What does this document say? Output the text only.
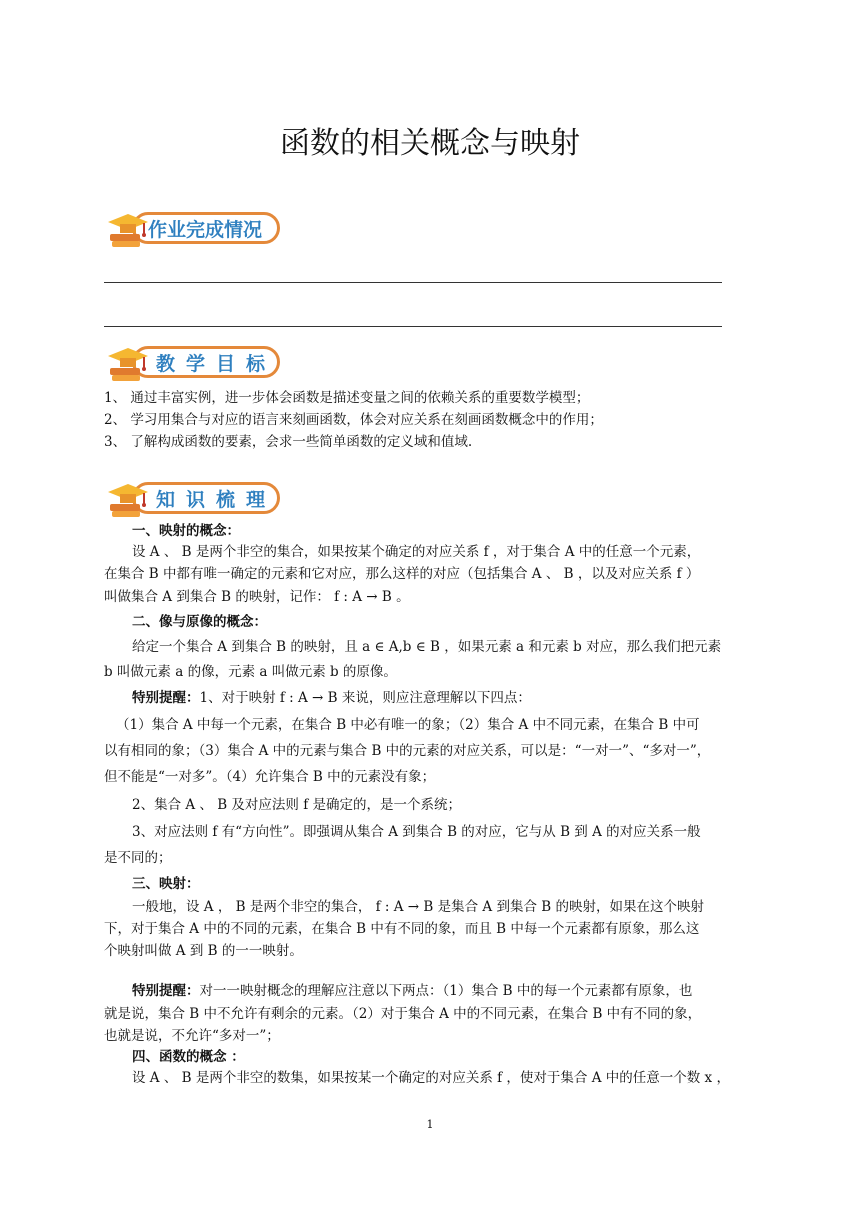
函数的相关概念与映射
作业完成情况
教学目标
1、 通过丰富实例，进一步体会函数是描述变量之间的依赖关系的重要数学模型；
2、 学习用集合与对应的语言来刻画函数，体会对应关系在刻画函数概念中的作用；
3、 了解构成函数的要素，会求一些简单函数的定义域和值域.
知识梳理
一、映射的概念：
设 A 、 B 是两个非空的集合，如果按某个确定的对应关系 f ，对于集合 A 中的任意一个元素，
在集合 B 中都有唯一确定的元素和它对应，那么这样的对应（包括集合 A 、 B ，以及对应关系 f ）
叫做集合 A 到集合 B 的映射，记作： f : A → B 。
二、像与原像的概念：
给定一个集合 A 到集合 B 的映射，且 a ∈ A,b ∈ B ，如果元素 a 和元素 b 对应，那么我们把元素
b 叫做元素 a 的像，元素 a 叫做元素 b 的原像。
特别提醒：1、对于映射 f : A → B 来说，则应注意理解以下四点：
（1）集合 A 中每一个元素，在集合 B 中必有唯一的象；（2）集合 A 中不同元素，在集合 B 中可
以有相同的象；（3）集合 A 中的元素与集合 B 中的元素的对应关系，可以是：“一对一”、“多对一”，
但不能是“一对多”。（4）允许集合 B 中的元素没有象；
2、集合 A 、 B 及对应法则 f 是确定的，是一个系统；
3、对应法则 f 有“方向性”。即强调从集合 A 到集合 B 的对应，它与从 B 到 A 的对应关系一般
是不同的；
三、映射：
一般地，设 A ， B 是两个非空的集合， f : A → B 是集合 A 到集合 B 的映射，如果在这个映射
下，对于集合 A 中的不同的元素，在集合 B 中有不同的象，而且 B 中每一个元素都有原象，那么这
个映射叫做 A 到 B 的一一映射。
特别提醒：对一一映射概念的理解应注意以下两点：（1）集合 B 中的每一个元素都有原象，也
就是说，集合 B 中不允许有剩余的元素。（2）对于集合 A 中的不同元素，在集合 B 中有不同的象，
也就是说，不允许“多对一”；
四、函数的概念 ：
设 A 、 B 是两个非空的数集，如果按某一个确定的对应关系 f ，使对于集合 A 中的任意一个数 x ，
1
